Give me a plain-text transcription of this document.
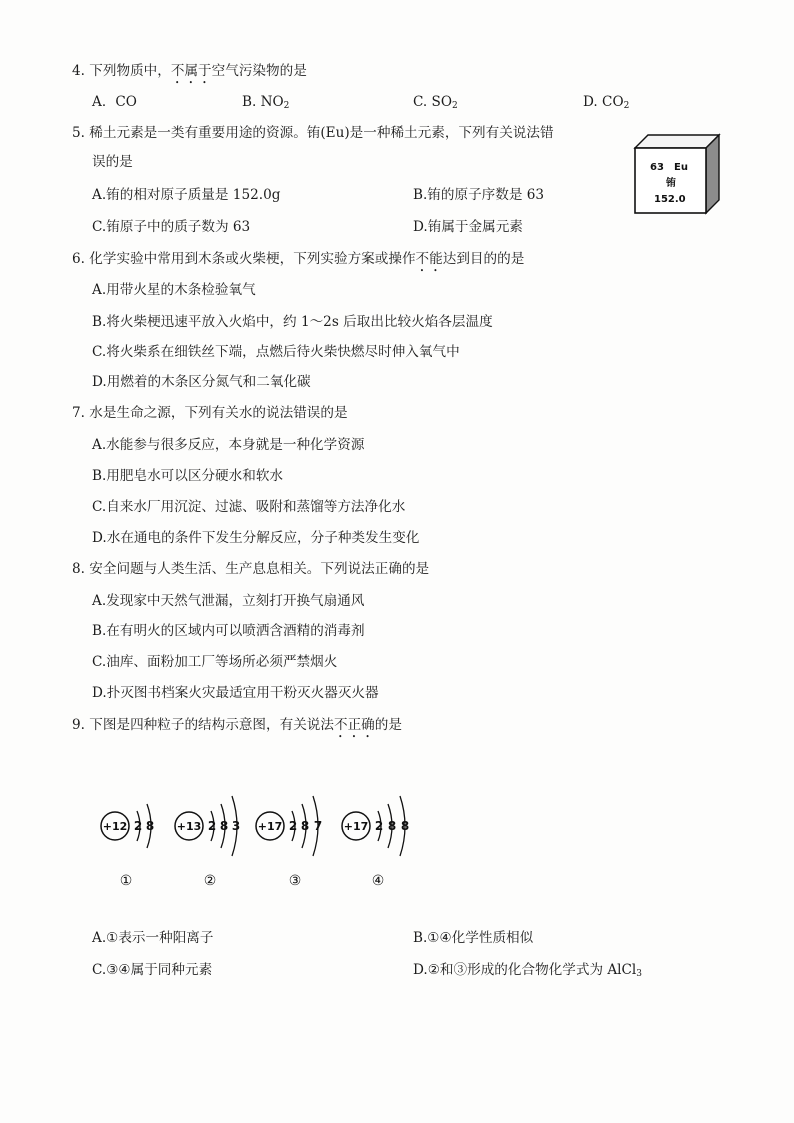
4. 下列物质中，不属于空气污染物的是
A．CO	B. $NO_2$	C. $SO_2$	D. $CO_2$
5. 稀土元素是一类有重要用途的资源。铕(Eu)是一种稀土元素，下列有关说法错
误的是
A.铕的相对原子质量是 152.0g	B.铕的原子序数是 63
C.铕原子中的质子数为 63	D.铕属于金属元素
63 Eu
铕
152.0
6. 化学实验中常用到木条或火柴梗，下列实验方案或操作不能达到目的的是
A.用带火星的木条检验氧气
B.将火柴梗迅速平放入火焰中，约 1～2s 后取出比较火焰各层温度
C.将火柴系在细铁丝下端，点燃后待火柴快燃尽时伸入氧气中
D.用燃着的木条区分氮气和二氧化碳
7. 水是生命之源，下列有关水的说法错误的是
A.水能参与很多反应，本身就是一种化学资源
B.用肥皂水可以区分硬水和软水
C.自来水厂用沉淀、过滤、吸附和蒸馏等方法净化水
D.水在通电的条件下发生分解反应，分子种类发生变化
8. 安全问题与人类生活、生产息息相关。下列说法正确的是
A.发现家中天然气泄漏，立刻打开换气扇通风
B.在有明火的区域内可以喷洒含酒精的消毒剂
C.油库、面粉加工厂等场所必须严禁烟火
D.扑灭图书档案火灾最适宜用干粉灭火器灭火器
9. 下图是四种粒子的结构示意图，有关说法不正确的是
+12 2 8
①
+13 2 8 3
②
+17 2 8 7
③
+17 2 8 8
④
A.①表示一种阳离子	B.①④化学性质相似
C.③④属于同种元素	D.②和③形成的化合物化学式为 AlCl$_3$
